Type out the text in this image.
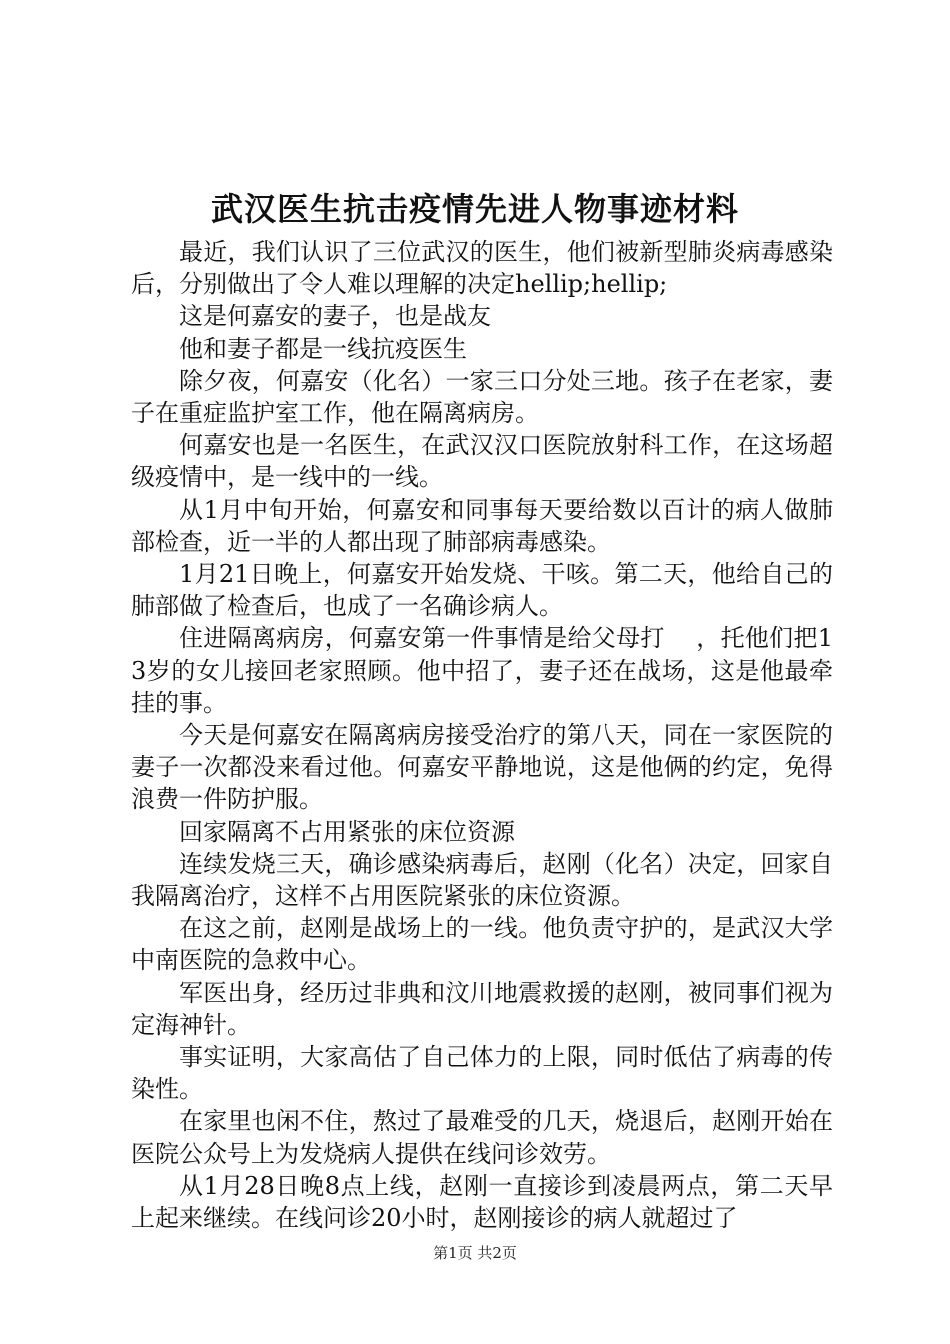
武汉医生抗击疫情先进人物事迹材料

最近，我们认识了三位武汉的医生，他们被新型肺炎病毒感染后，分别做出了令人难以理解的决定hellip;hellip;

这是何嘉安的妻子，也是战友

他和妻子都是一线抗疫医生

除夕夜，何嘉安（化名）一家三口分处三地。孩子在老家，妻子在重症监护室工作，他在隔离病房。

何嘉安也是一名医生，在武汉汉口医院放射科工作，在这场超级疫情中，是一线中的一线。

从1月中旬开始，何嘉安和同事每天要给数以百计的病人做肺部检查，近一半的人都出现了肺部病毒感染。

1月21日晚上，何嘉安开始发烧、干咳。第二天，他给自己的肺部做了检查后，也成了一名确诊病人。

住进隔离病房，何嘉安第一件事情是给父母打    ，托他们把13岁的女儿接回老家照顾。他中招了，妻子还在战场，这是他最牵挂的事。

今天是何嘉安在隔离病房接受治疗的第八天，同在一家医院的妻子一次都没来看过他。何嘉安平静地说，这是他俩的约定，免得浪费一件防护服。

回家隔离不占用紧张的床位资源

连续发烧三天，确诊感染病毒后，赵刚（化名）决定，回家自我隔离治疗，这样不占用医院紧张的床位资源。

在这之前，赵刚是战场上的一线。他负责守护的，是武汉大学中南医院的急救中心。

军医出身，经历过非典和汶川地震救援的赵刚，被同事们视为定海神针。

事实证明，大家高估了自己体力的上限，同时低估了病毒的传染性。

在家里也闲不住，熬过了最难受的几天，烧退后，赵刚开始在医院公众号上为发烧病人提供在线问诊效劳。

从1月28日晚8点上线，赵刚一直接诊到凌晨两点，第二天早上起来继续。在线问诊20小时，赵刚接诊的病人就超过了

第1页 共2页
